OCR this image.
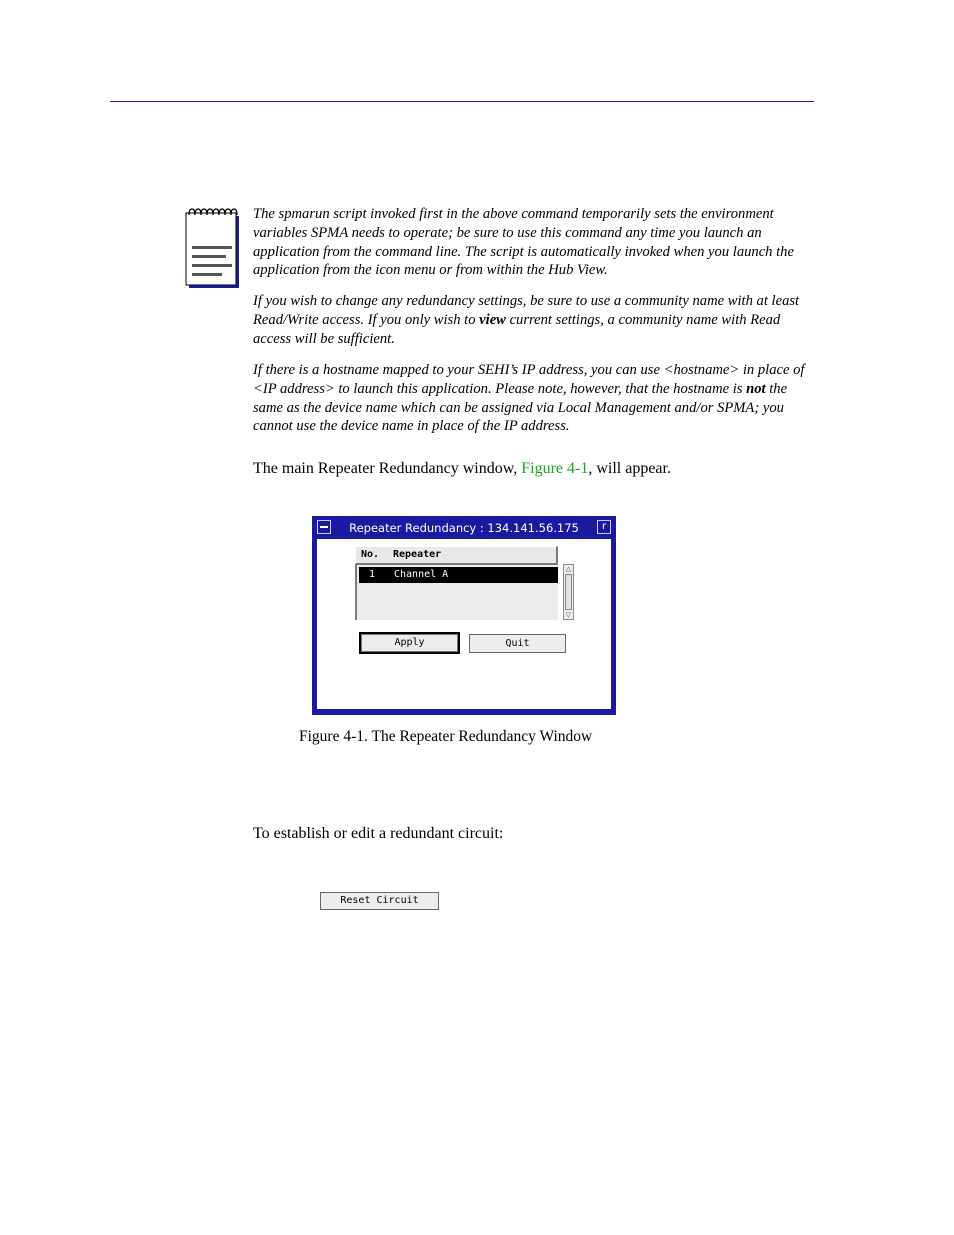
The spmarun script invoked first in the above command temporarily sets the environment variables SPMA needs to operate; be sure to use this command any time you launch an application from the command line. The script is automatically invoked when you launch the application from the icon menu or from within the Hub View.

If you wish to change any redundancy settings, be sure to use a community name with at least Read/Write access. If you only wish to view current settings, a community name with Read access will be sufficient.

If there is a hostname mapped to your SEHI’s IP address, you can use <hostname> in place of <IP address> to launch this application. Please note, however, that the hostname is not the same as the device name which can be assigned via Local Management and/or SPMA; you cannot use the device name in place of the IP address.

The main Repeater Redundancy window, Figure 4-1, will appear.

Repeater Redundancy : 134.141.56.175	r
No. Repeater
1 Channel A	△
▽
Apply	Quit
Figure 4-1. The Repeater Redundancy Window

To establish or edit a redundant circuit:

Reset Circuit
